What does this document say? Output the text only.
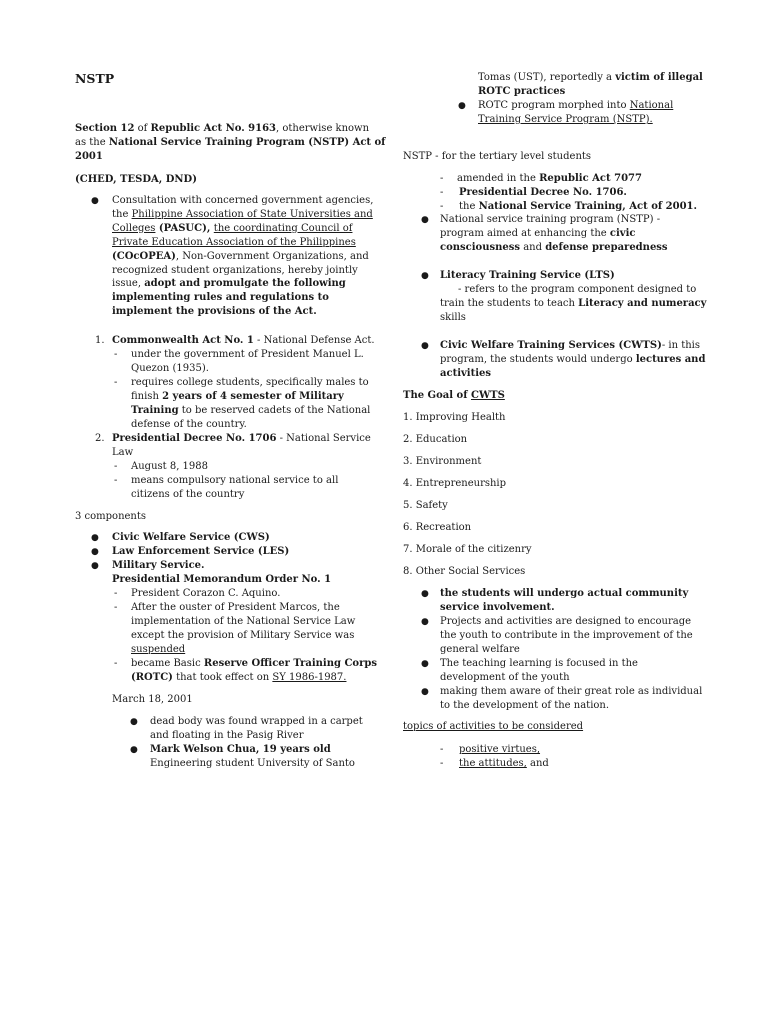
NSTP
Section 12 of Republic Act No. 9163, otherwise known
as the National Service Training Program (NSTP) Act of
2001
(CHED, TESDA, DND)
● Consultation with concerned government agencies,
the Philippine Association of State Universities and
Colleges (PASUC), the coordinating Council of
Private Education Association of the Philippines
(COcOPEA), Non-Government Organizations, and
recognized student organizations, hereby jointly
issue, adopt and promulgate the following
implementing rules and regulations to
implement the provisions of the Act.
1. Commonwealth Act No. 1 - National Defense Act.
- under the government of President Manuel L.
Quezon (1935).
- requires college students, specifically males to
finish 2 years of 4 semester of Military
Training to be reserved cadets of the National
defense of the country.
2. Presidential Decree No. 1706 - National Service
Law
- August 8, 1988
- means compulsory national service to all
citizens of the country
3 components
● Civic Welfare Service (CWS)
● Law Enforcement Service (LES)
● Military Service.
Presidential Memorandum Order No. 1
- President Corazon C. Aquino.
- After the ouster of President Marcos, the
implementation of the National Service Law
except the provision of Military Service was
suspended
- became Basic Reserve Officer Training Corps
(ROTC) that took effect on SY 1986-1987.
March 18, 2001
● dead body was found wrapped in a carpet
and floating in the Pasig River
● Mark Welson Chua, 19 years old
Engineering student University of Santo
Tomas (UST), reportedly a victim of illegal
ROTC practices
● ROTC program morphed into National
Training Service Program (NSTP).
NSTP - for the tertiary level students
- amended in the Republic Act 7077
- Presidential Decree No. 1706.
- the National Service Training, Act of 2001.
● National service training program (NSTP) -
program aimed at enhancing the civic
consciousness and defense preparedness
● Literacy Training Service (LTS)
- refers to the program component designed to
train the students to teach Literacy and numeracy
skills
● Civic Welfare Training Services (CWTS)- in this
program, the students would undergo lectures and
activities
The Goal of CWTS
1. Improving Health
2. Education
3. Environment
4. Entrepreneurship
5. Safety
6. Recreation
7. Morale of the citizenry
8. Other Social Services
● the students will undergo actual community
service involvement.
● Projects and activities are designed to encourage
the youth to contribute in the improvement of the
general welfare
● The teaching learning is focused in the
development of the youth
● making them aware of their great role as individual
to the development of the nation.
topics of activities to be considered
- positive virtues,
- the attitudes, and
